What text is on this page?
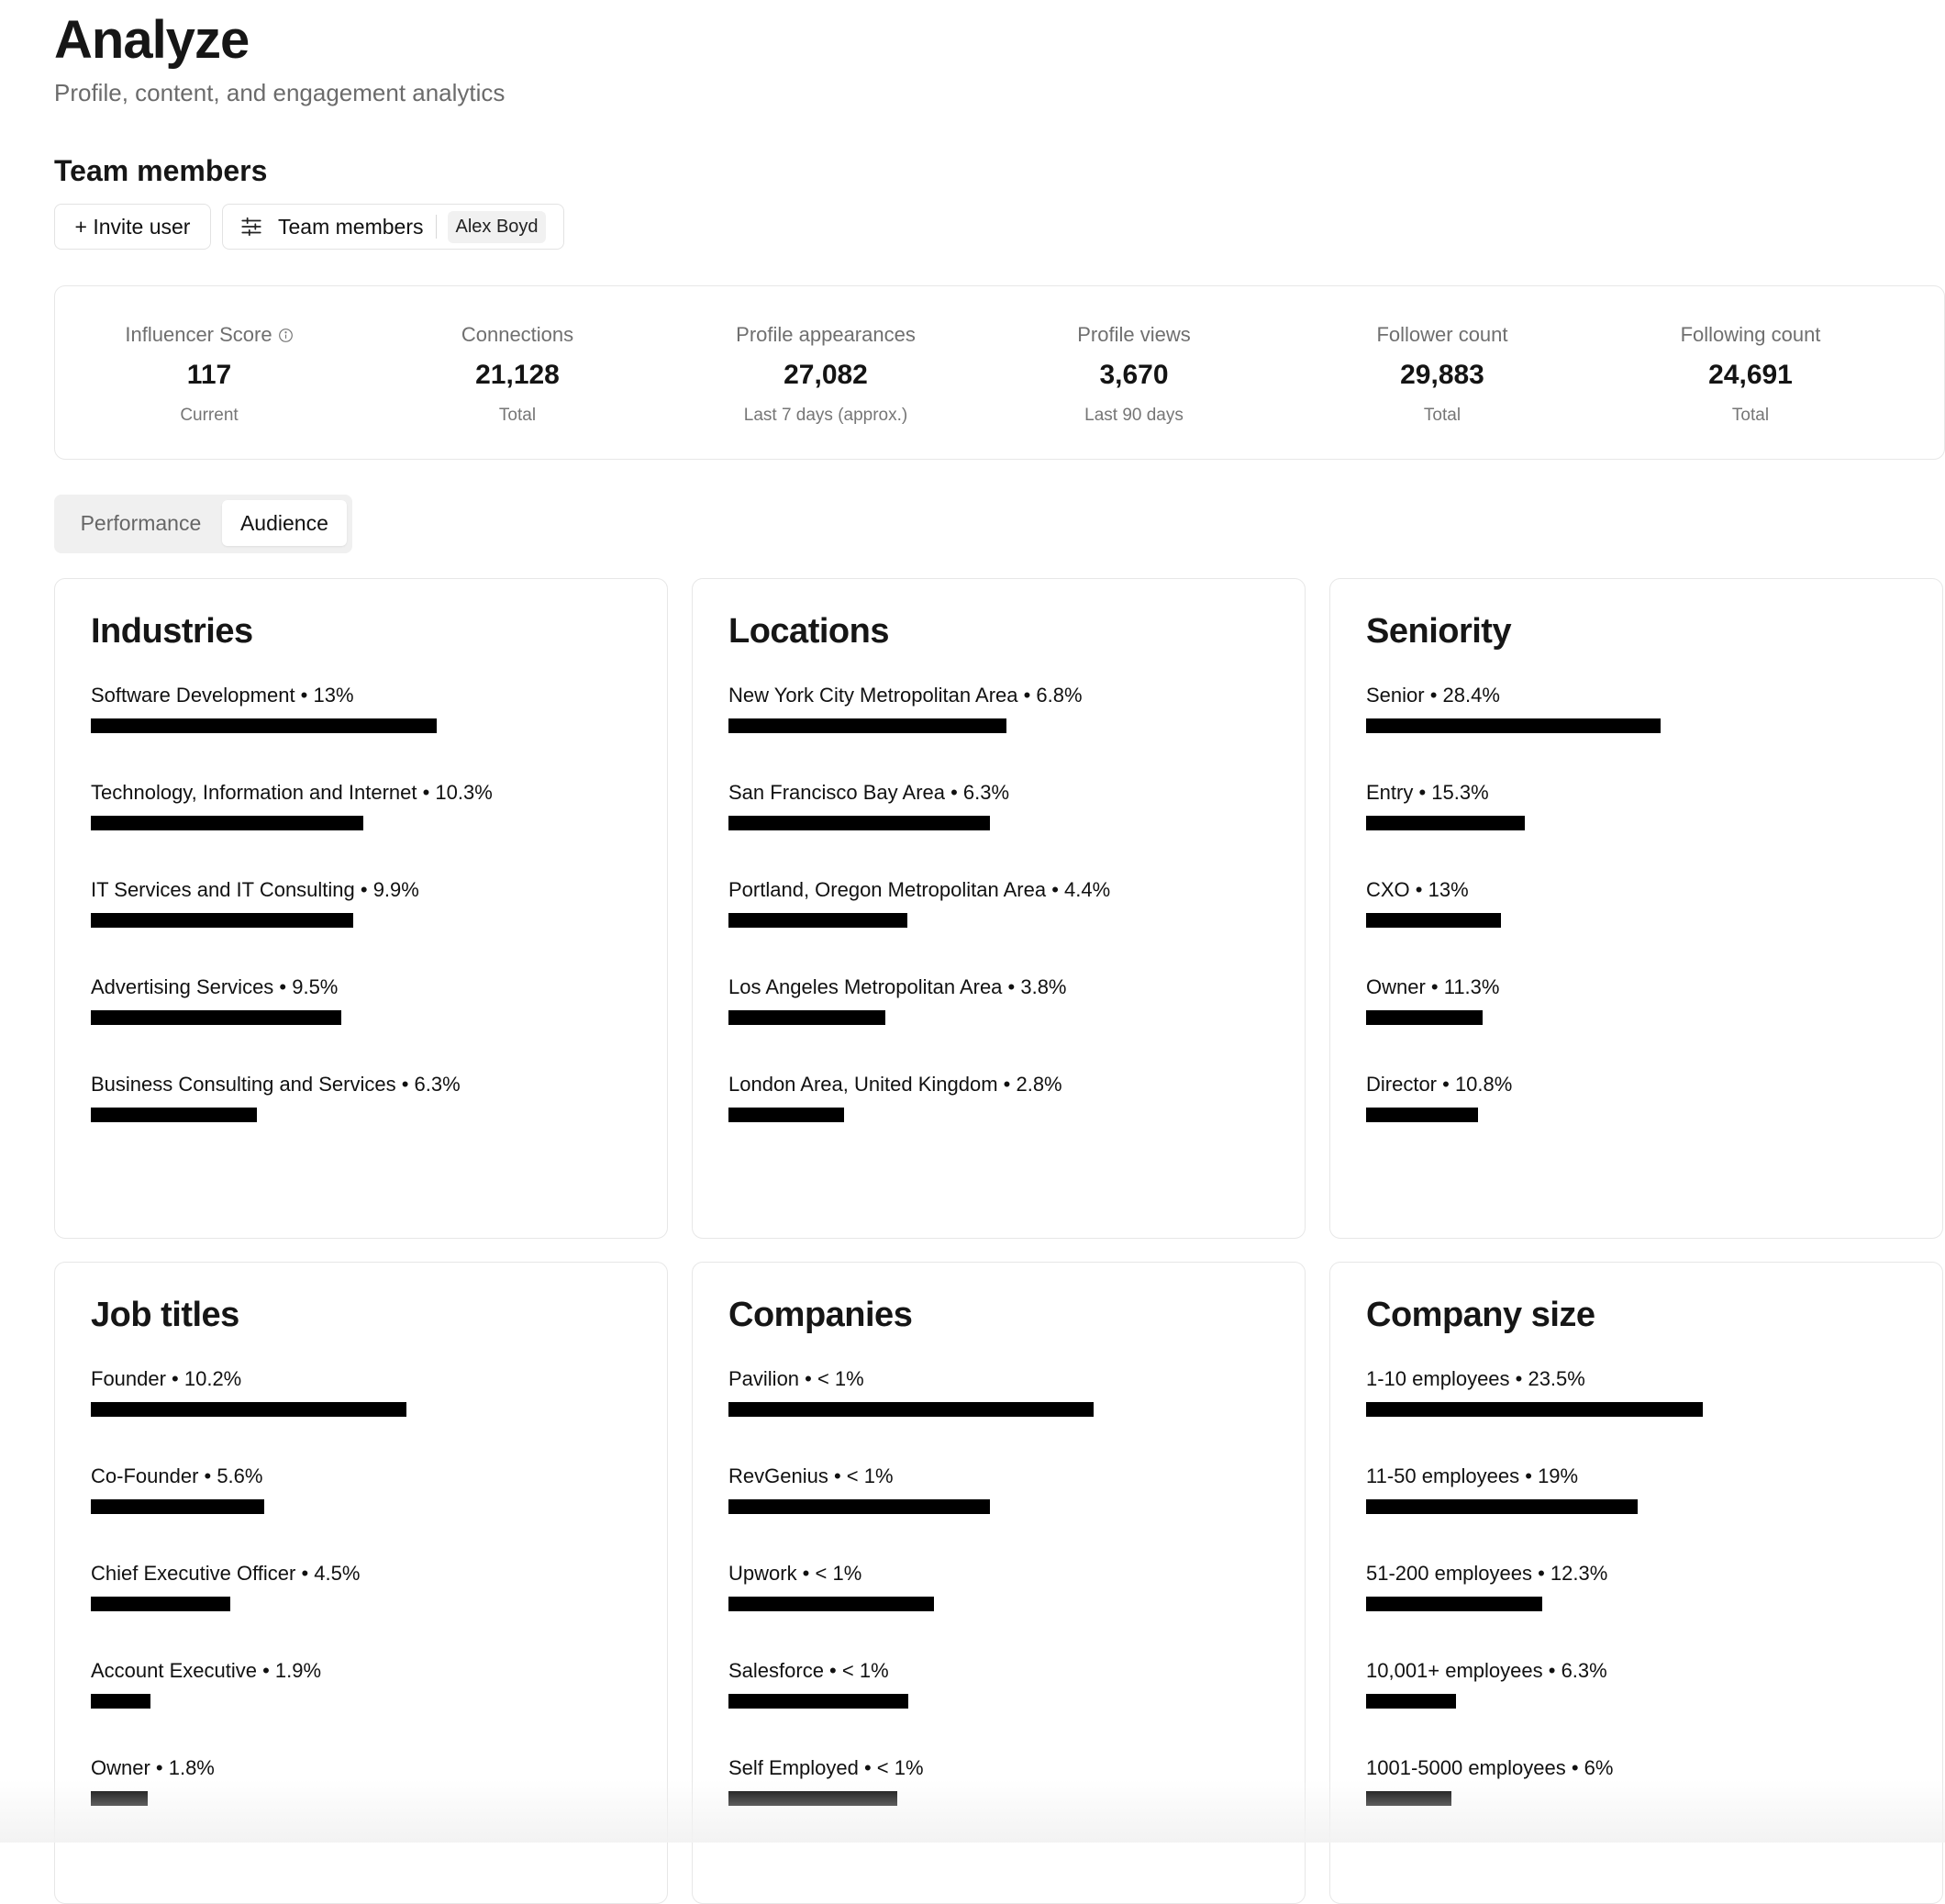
Analyze
Profile, content, and engagement analytics
Team members
+ Invite user	Team members	Alex Boyd
Influencer Score
117
Current
Connections
21,128
Total
Profile appearances
27,082
Last 7 days (approx.)
Profile views
3,670
Last 90 days
Follower count
29,883
Total
Following count
24,691
Total
Performance	Audience
Industries
Software Development • 13%
Technology, Information and Internet • 10.3%
IT Services and IT Consulting • 9.9%
Advertising Services • 9.5%
Business Consulting and Services • 6.3%
Locations
New York City Metropolitan Area • 6.8%
San Francisco Bay Area • 6.3%
Portland, Oregon Metropolitan Area • 4.4%
Los Angeles Metropolitan Area • 3.8%
London Area, United Kingdom • 2.8%
Seniority
Senior • 28.4%
Entry • 15.3%
CXO • 13%
Owner • 11.3%
Director • 10.8%
Job titles
Founder • 10.2%
Co-Founder • 5.6%
Chief Executive Officer • 4.5%
Account Executive • 1.9%
Owner • 1.8%
Companies
Pavilion • < 1%
RevGenius • < 1%
Upwork • < 1%
Salesforce • < 1%
Self Employed • < 1%
Company size
1-10 employees • 23.5%
11-50 employees • 19%
51-200 employees • 12.3%
10,001+ employees • 6.3%
1001-5000 employees • 6%
